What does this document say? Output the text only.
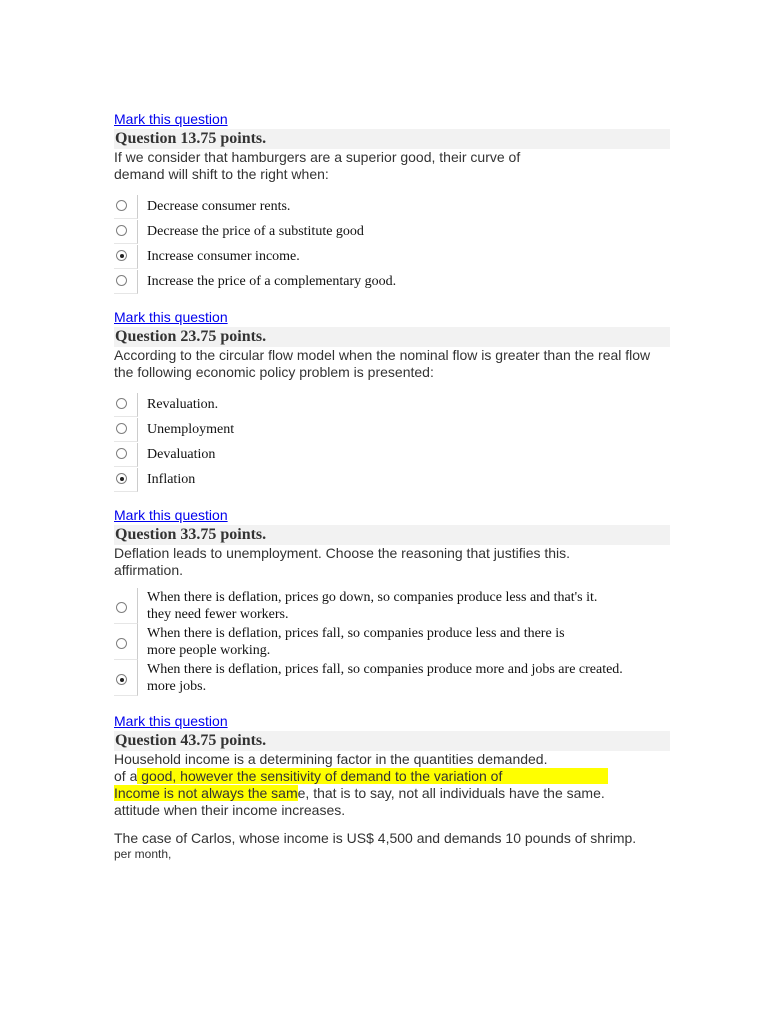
Mark this question
Question 13.75 points.
If we consider that hamburgers are a superior good, their curve of
demand will shift to the right when:
Decrease consumer rents.
Decrease the price of a substitute good
Increase consumer income.
Increase the price of a complementary good.
Mark this question
Question 23.75 points.
According to the circular flow model when the nominal flow is greater than the real flow
the following economic policy problem is presented:
Revaluation.
Unemployment
Devaluation
Inflation
Mark this question
Question 33.75 points.
Deflation leads to unemployment. Choose the reasoning that justifies this.
affirmation.
When there is deflation, prices go down, so companies produce less and that's it.
they need fewer workers.
When there is deflation, prices fall, so companies produce less and there is
more people working.
When there is deflation, prices fall, so companies produce more and jobs are created.
more jobs.
Mark this question
Question 43.75 points.
Household income is a determining factor in the quantities demanded.
of a good, however the sensitivity of demand to the variation of
Income is not always the same, that is to say, not all individuals have the same.
attitude when their income increases.
The case of Carlos, whose income is US$ 4,500 and demands 10 pounds of shrimp.
per month,
